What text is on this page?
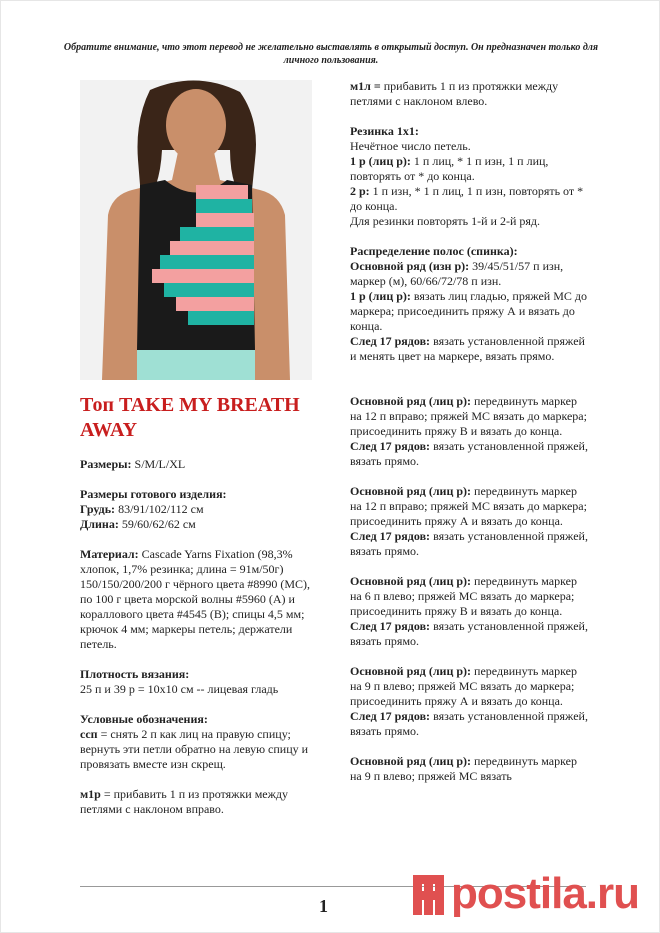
Обратите внимание, что этот перевод не желательно выставлять в открытый доступ. Он предназначен только для личного пользования.
Топ TAKE MY BREATH AWAY

Размеры: S/M/L/XL

Размеры готового изделия:

Грудь: 83/91/102/112 см

Длина: 59/60/62/62 см

Материал: Cascade Yarns Fixation (98,3% хлопок, 1,7% резинка; длина = 91м/50г) 150/150/200/200 г чёрного цвета #8990 (МС), по 100 г цвета морской волны #5960 (А) и кораллового цвета #4545 (В); спицы 4,5 мм; крючок 4 мм; маркеры петель; держатели петель.

Плотность вязания:

25 п и 39 р = 10х10 см -- лицевая гладь

Условные обозначения:

ссп = снять 2 п как лиц на правую спицу; вернуть эти петли обратно на левую спицу и провязать вместе изн скрещ.

м1р = прибавить 1 п из протяжки между петлями с наклоном вправо.

м1л = прибавить 1 п из протяжки между петлями с наклоном влево.

Резинка 1х1:

Нечётное число петель.

1 р (лиц р): 1 п лиц, * 1 п изн, 1 п лиц, повторять от * до конца.

2 р: 1 п изн, * 1 п лиц, 1 п изн, повторять от * до конца.

Для резинки повторять 1-й и 2-й ряд.

Распределение полос (спинка):

Основной ряд (изн р): 39/45/51/57 п изн, маркер (м), 60/66/72/78 п изн.

1 р (лиц р): вязать лиц гладью, пряжей МС до маркера; присоединить пряжу А и вязать до конца.

След 17 рядов: вязать установленной пряжей и менять цвет на маркере, вязать прямо.

Основной ряд (лиц р): передвинуть маркер на 12 п вправо; пряжей МС вязать до маркера; присоединить пряжу В и вязать до конца.

След 17 рядов: вязать установленной пряжей, вязать прямо.

Основной ряд (лиц р): передвинуть маркер на 12 п вправо; пряжей МС вязать до маркера; присоединить пряжу А и вязать до конца.

След 17 рядов: вязать установленной пряжей, вязать прямо.

Основной ряд (лиц р): передвинуть маркер на 6 п влево; пряжей МС вязать до маркера; присоединить пряжу В и вязать до конца.

След 17 рядов: вязать установленной пряжей, вязать прямо.

Основной ряд (лиц р): передвинуть маркер на 9 п влево; пряжей МС вязать до маркера; присоединить пряжу А и вязать до конца.

След 17 рядов: вязать установленной пряжей, вязать прямо.

Основной ряд (лиц р): передвинуть маркер на 9 п влево; пряжей МС вязать

1	postila.ru
